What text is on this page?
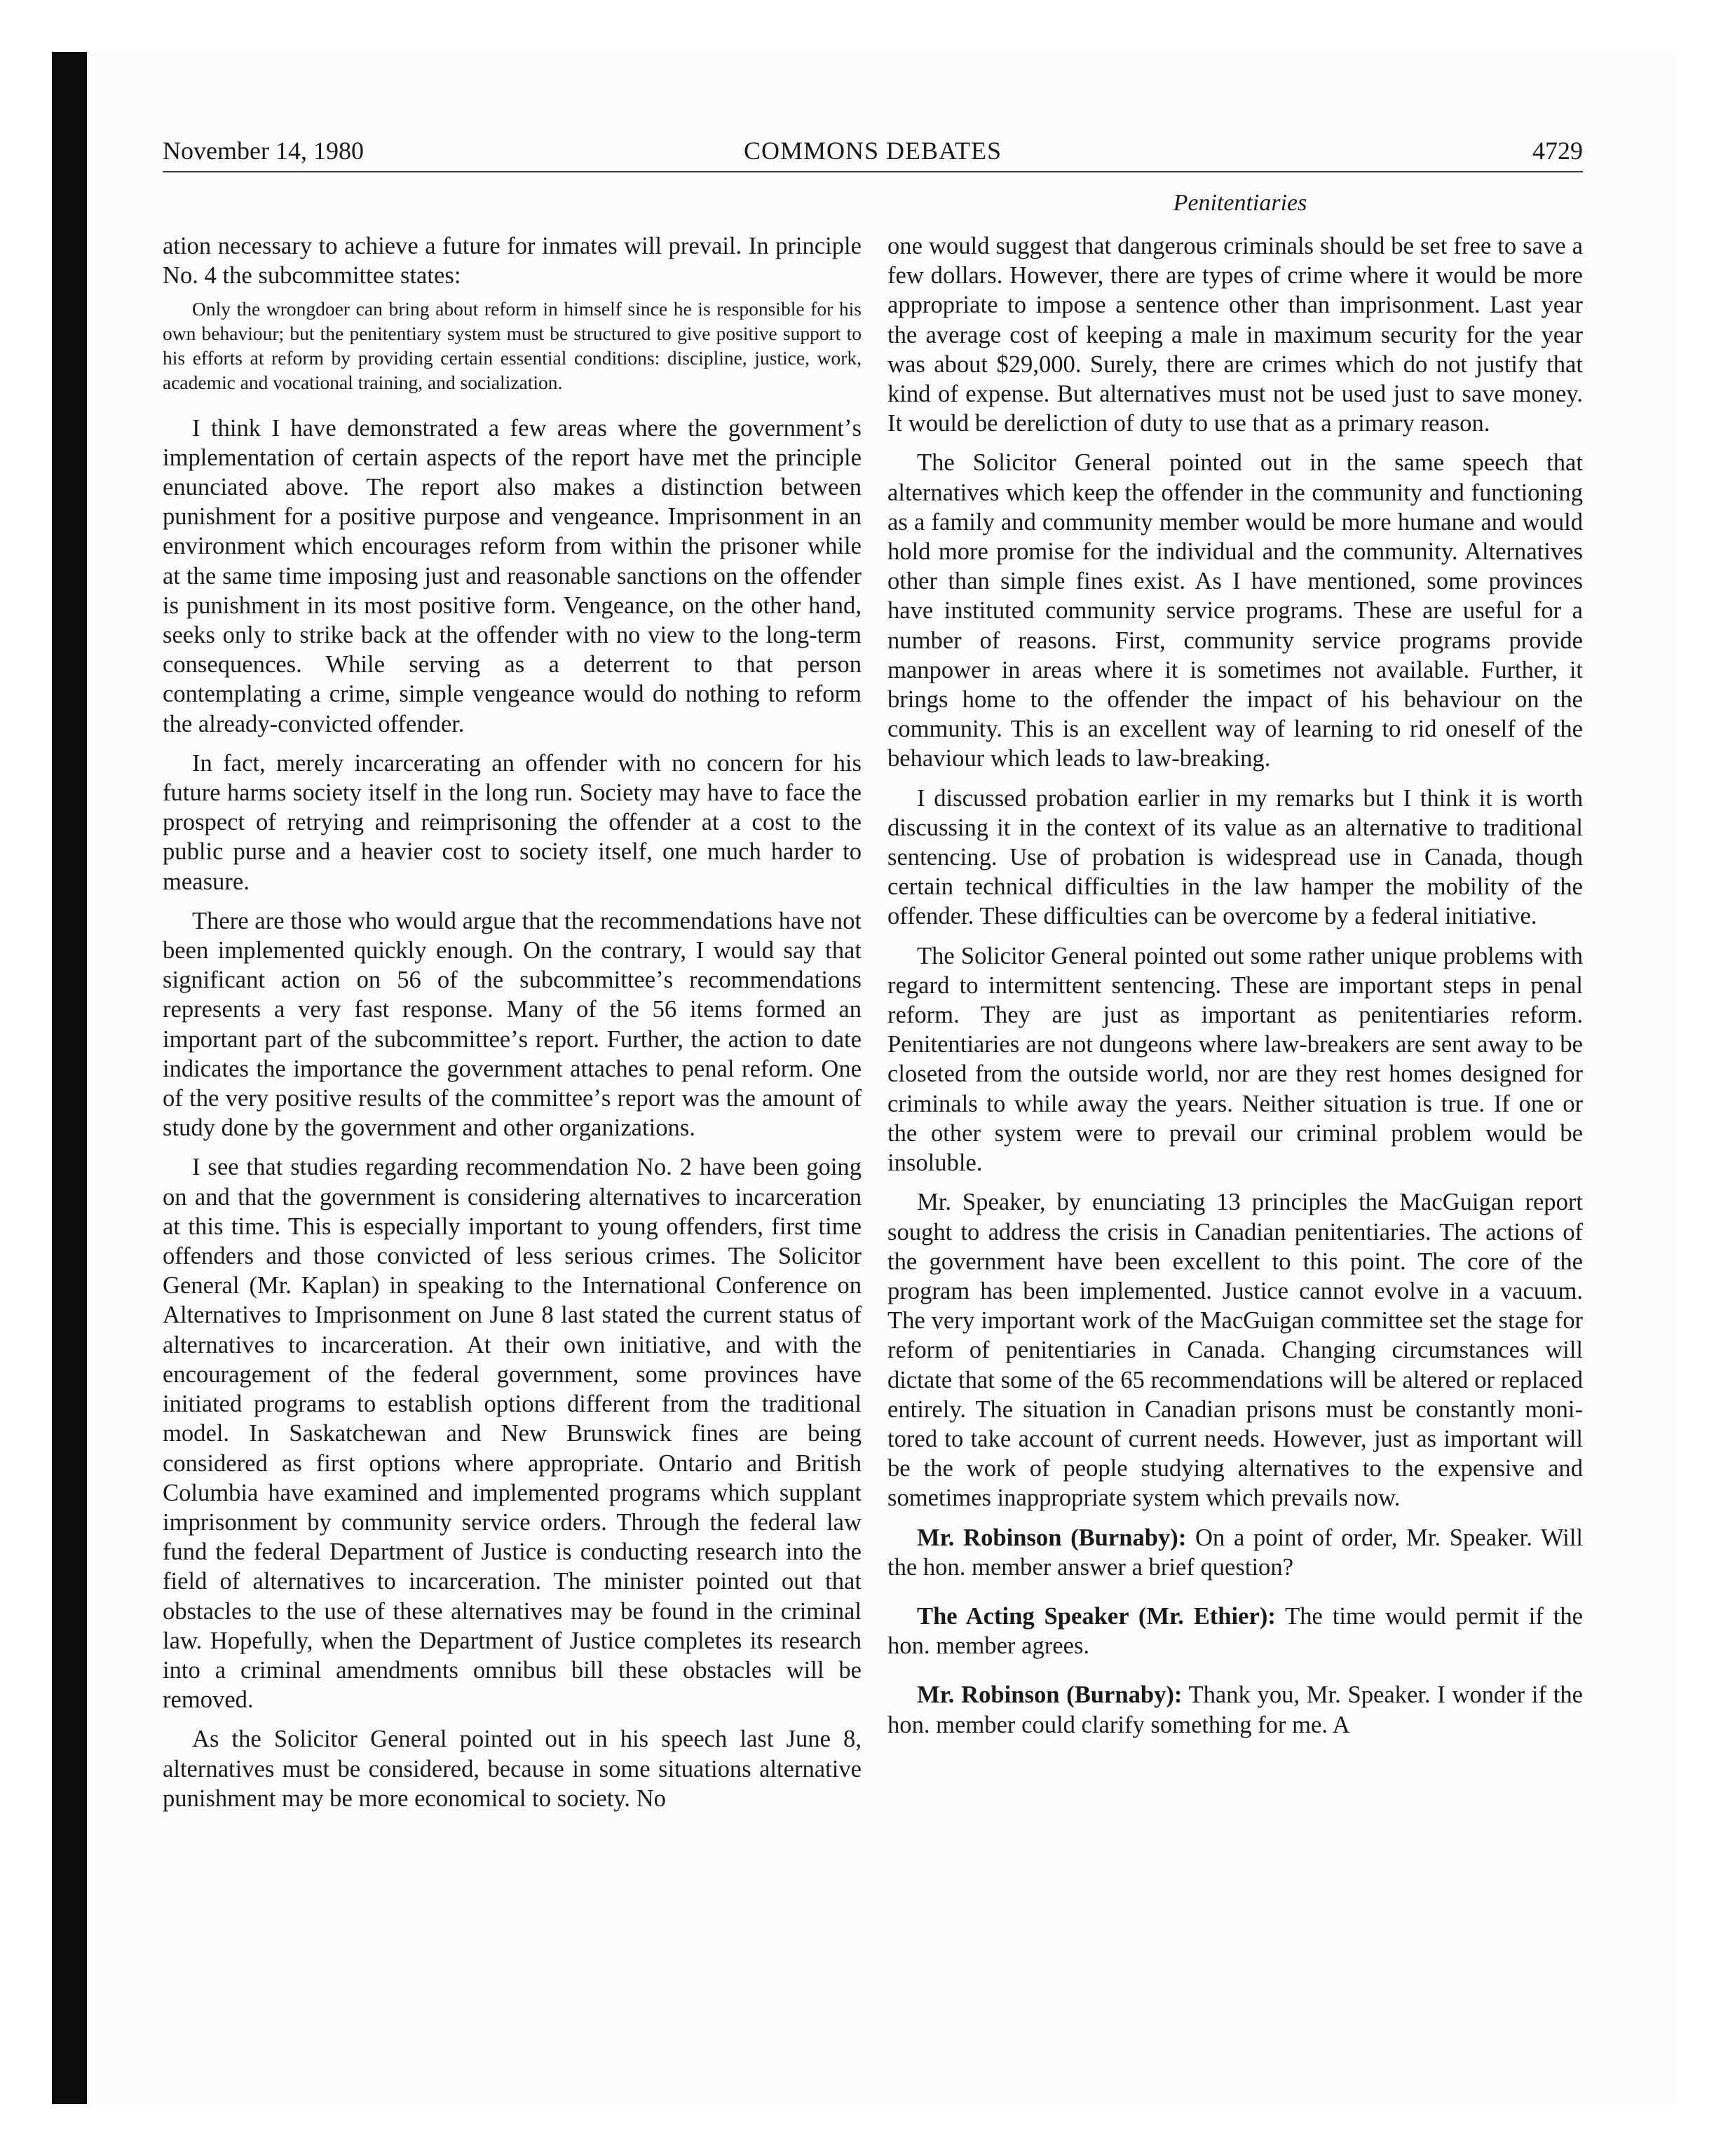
November 14, 1980	COMMONS DEBATES	4729
Penitentiaries

ation necessary to achieve a future for inmates will prevail. In principle No. 4 the subcommittee states:

Only the wrongdoer can bring about reform in himself since he is responsible for his own behaviour; but the penitentiary system must be structured to give positive support to his efforts at reform by providing certain essential conditions: discipline, justice, work, academic and vocational training, and socialization.

I think I have demonstrated a few areas where the governmentʼs implementation of certain aspects of the report have met the principle enunciated above. The report also makes a distinction between punishment for a positive purpose and vengeance. Imprisonment in an environment which encourages reform from within the prisoner while at the same time imposing just and reasonable sanctions on the offender is punishment in its most positive form. Vengeance, on the other hand, seeks only to strike back at the offender with no view to the long-term consequences. While serving as a deterrent to that person contemplating a crime, simple vengeance would do nothing to reform the already-convicted offender.

In fact, merely incarcerating an offender with no concern for his future harms society itself in the long run. Society may have to face the prospect of retrying and reimprisoning the offender at a cost to the public purse and a heavier cost to society itself, one much harder to measure.

There are those who would argue that the recommendations have not been implemented quickly enough. On the contrary, I would say that significant action on 56 of the subcommitteeʼs recommendations represents a very fast response. Many of the 56 items formed an important part of the subcommitteeʼs report. Further, the action to date indicates the importance the government attaches to penal reform. One of the very positive results of the committeeʼs report was the amount of study done by the government and other organizations.

I see that studies regarding recommendation No. 2 have been going on and that the government is considering alternatives to incarceration at this time. This is especially important to young offenders, first time offenders and those convicted of less serious crimes. The Solicitor General (Mr. Kaplan) in speaking to the International Conference on Alternatives to Imprisonment on June 8 last stated the current status of alternatives to incarceration. At their own initiative, and with the encouragement of the federal government, some provinces have initiated programs to establish options different from the traditional model. In Saskatchewan and New Brunswick fines are being considered as first options where appropriate. Ontario and British Columbia have examined and implemented programs which supplant imprisonment by community service orders. Through the federal law fund the federal Department of Justice is conducting research into the field of alternatives to incarceration. The minister pointed out that obstacles to the use of these alternatives may be found in the criminal law. Hopefully, when the Department of Justice completes its research into a criminal amendments omnibus bill these obstacles will be removed.

As the Solicitor General pointed out in his speech last June 8, alternatives must be considered, because in some situations alternative punishment may be more economical to society. No

one would suggest that dangerous criminals should be set free to save a few dollars. However, there are types of crime where it would be more appropriate to impose a sentence other than imprisonment. Last year the average cost of keeping a male in maximum security for the year was about $29,000. Surely, there are crimes which do not justify that kind of expense. But alternatives must not be used just to save money. It would be dereliction of duty to use that as a primary reason.

The Solicitor General pointed out in the same speech that alternatives which keep the offender in the community and functioning as a family and community member would be more humane and would hold more promise for the individual and the community. Alternatives other than simple fines exist. As I have mentioned, some provinces have instituted community service programs. These are useful for a number of reasons. First, community service programs provide manpower in areas where it is sometimes not available. Further, it brings home to the offender the impact of his behaviour on the community. This is an excellent way of learning to rid oneself of the behaviour which leads to law-breaking.

I discussed probation earlier in my remarks but I think it is worth discussing it in the context of its value as an alternative to traditional sentencing. Use of probation is widespread use in Canada, though certain technical difficulties in the law hamper the mobility of the offender. These difficulties can be overcome by a federal initiative.

The Solicitor General pointed out some rather unique problems with regard to intermittent sentencing. These are important steps in penal reform. They are just as important as penitentiaries reform. Penitentiaries are not dungeons where law-breakers are sent away to be closeted from the outside world, nor are they rest homes designed for criminals to while away the years. Neither situation is true. If one or the other system were to prevail our criminal problem would be insoluble.

Mr. Speaker, by enunciating 13 principles the MacGuigan report sought to address the crisis in Canadian penitentiaries. The actions of the government have been excellent to this point. The core of the program has been implemented. Justice cannot evolve in a vacuum. The very important work of the MacGuigan committee set the stage for reform of penitentiaries in Canada. Changing circumstances will dictate that some of the 65 recommendations will be altered or replaced entirely. The situation in Canadian prisons must be constantly monitored to take account of current needs. However, just as important will be the work of people studying alternatives to the expensive and sometimes inappropriate system which prevails now.

Mr. Robinson (Burnaby): On a point of order, Mr. Speaker. Will the hon. member answer a brief question?

The Acting Speaker (Mr. Ethier): The time would permit if the hon. member agrees.

Mr. Robinson (Burnaby): Thank you, Mr. Speaker. I wonder if the hon. member could clarify something for me. A
